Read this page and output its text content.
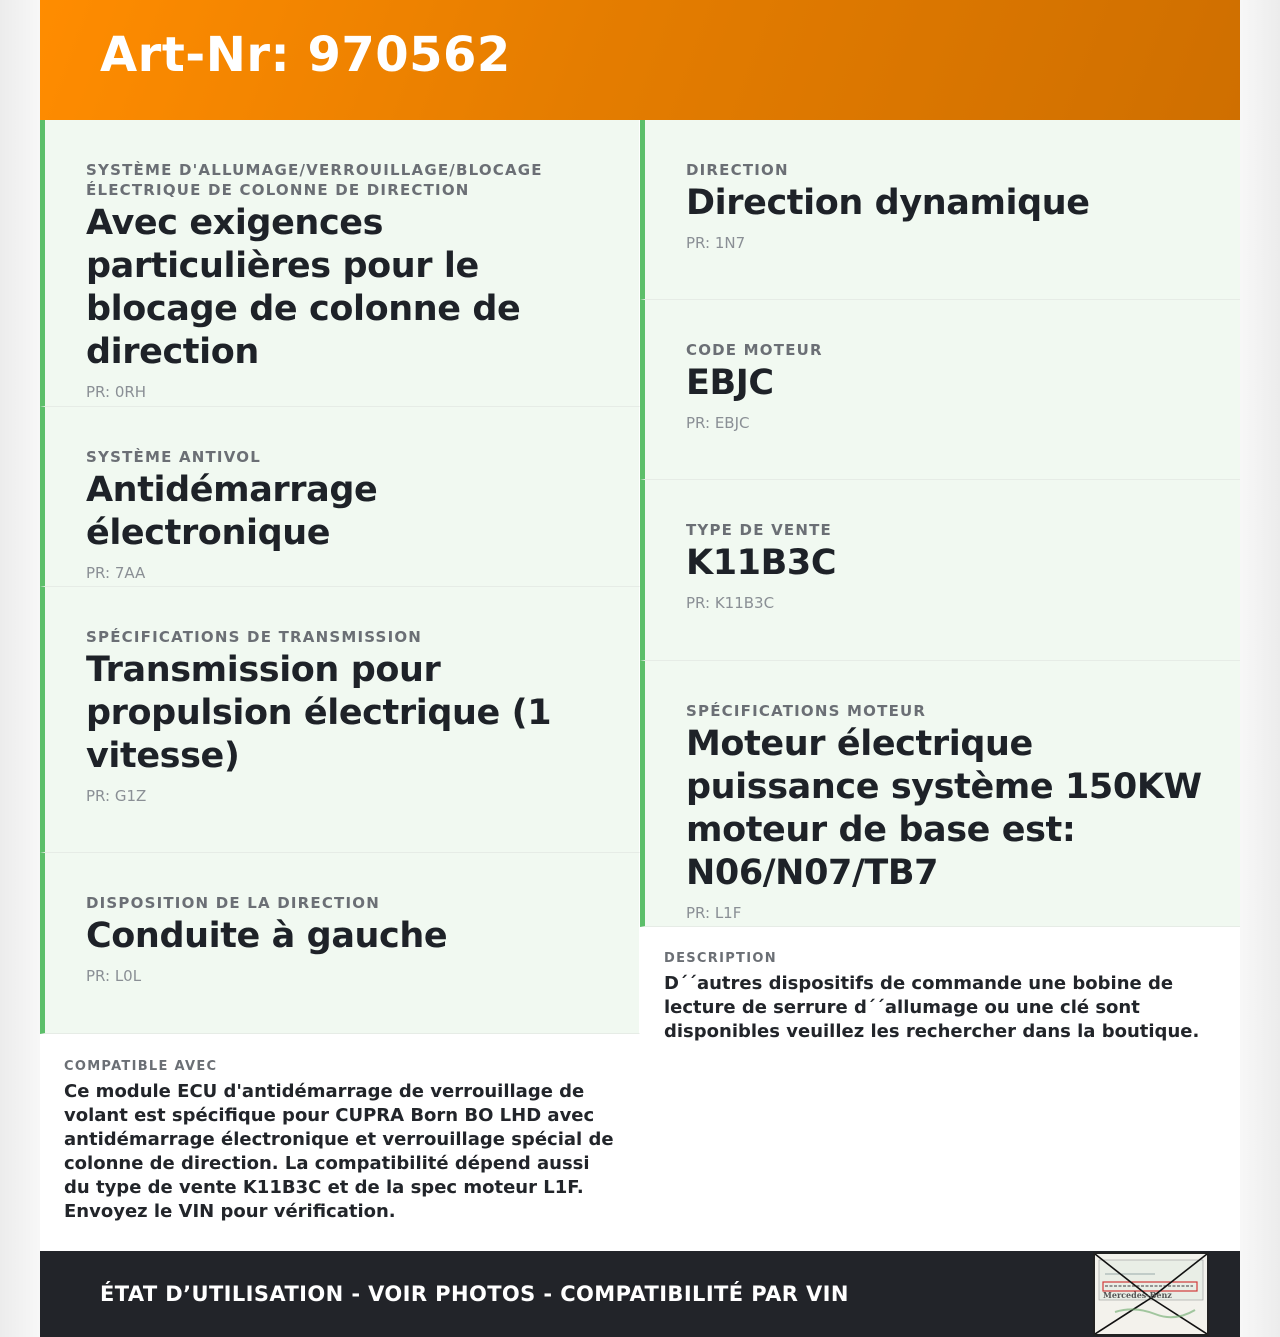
Art-Nr: 970562

SYSTÈME D'ALLUMAGE/VERROUILLAGE/BLOCAGE ÉLECTRIQUE DE COLONNE DE DIRECTION

Avec exigences particulières pour le blocage de colonne de direction

PR: 0RH

SYSTÈME ANTIVOL

Antidémarrage électronique

PR: 7AA

SPÉCIFICATIONS DE TRANSMISSION

Transmission pour propulsion électrique (1 vitesse)

PR: G1Z

DISPOSITION DE LA DIRECTION

Conduite à gauche

PR: L0L

DIRECTION

Direction dynamique

PR: 1N7

CODE MOTEUR

EBJC

PR: EBJC

TYPE DE VENTE

K11B3C

PR: K11B3C

SPÉCIFICATIONS MOTEUR

Moteur électrique puissance système 150KW moteur de base est: N06/N07/TB7

PR: L1F

COMPATIBLE AVEC

Ce module ECU d'antidémarrage de verrouillage de volant est spécifique pour CUPRA Born BO LHD avec antidémarrage électronique et verrouillage spécial de colonne de direction. La compatibilité dépend aussi du type de vente K11B3C et de la spec moteur L1F. Envoyez le VIN pour vérification.

DESCRIPTION

D´´autres dispositifs de commande une bobine de lecture de serrure d´´allumage ou une clé sont disponibles veuillez les rechercher dans la boutique.

ÉTAT D’UTILISATION - VOIR PHOTOS - COMPATIBILITÉ PAR VIN	Mercedes-Benz
